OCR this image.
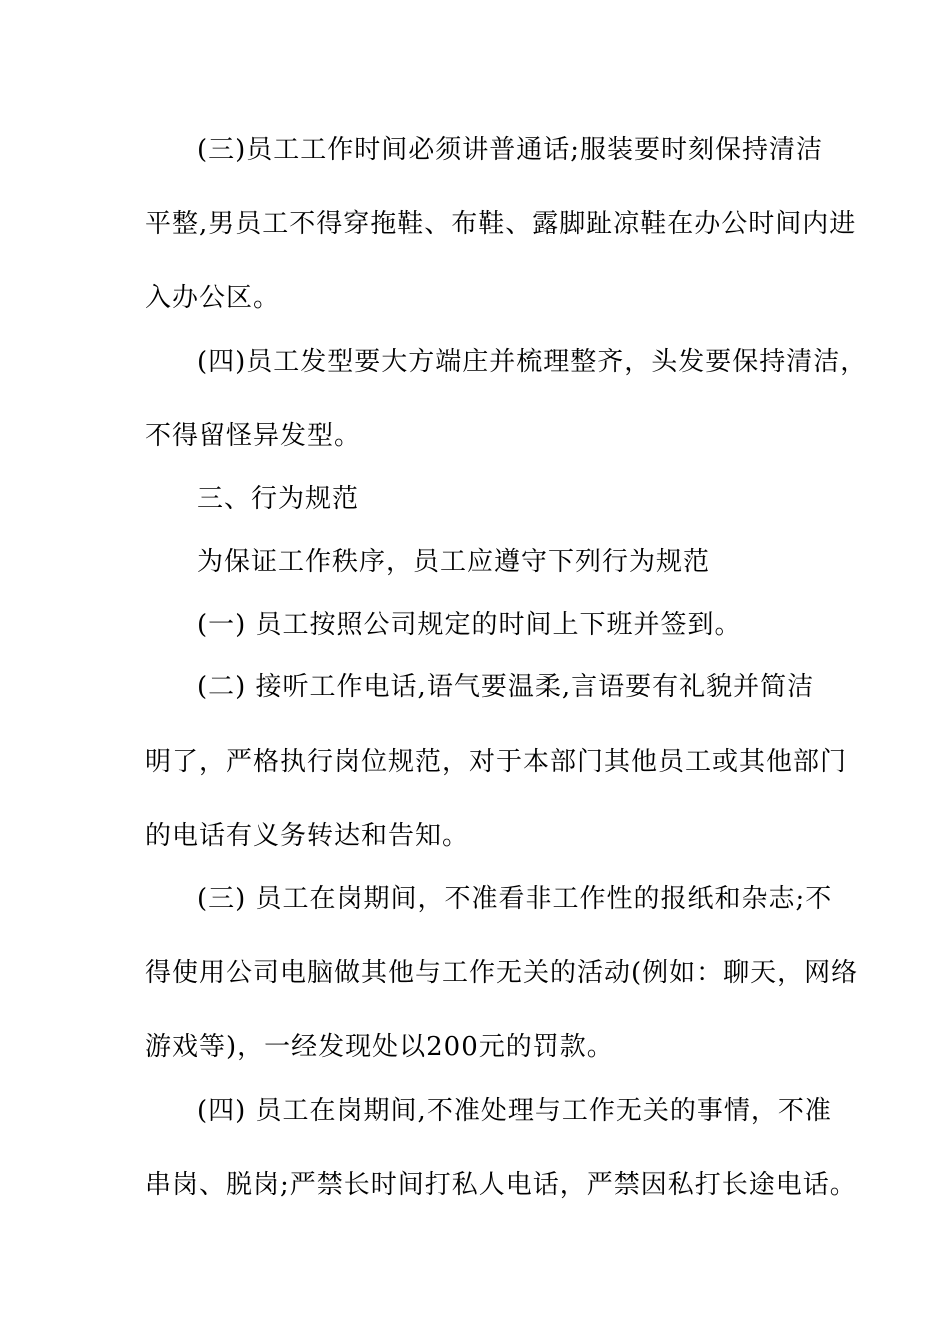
(三)员工工作时间必须讲普通话;服装要时刻保持清洁
平整,男员工不得穿拖鞋、布鞋、露脚趾凉鞋在办公时间内进
入办公区。
(四)员工发型要大方端庄并梳理整齐，头发要保持清洁，
不得留怪异发型。
三、行为规范
为保证工作秩序，员工应遵守下列行为规范
(一) 员工按照公司规定的时间上下班并签到。
(二) 接听工作电话,语气要温柔,言语要有礼貌并简洁
明了，严格执行岗位规范，对于本部门其他员工或其他部门
的电话有义务转达和告知。
(三) 员工在岗期间，不准看非工作性的报纸和杂志;不
得使用公司电脑做其他与工作无关的活动(例如：聊天，网络
游戏等)，一经发现处以200元的罚款。
(四) 员工在岗期间,不准处理与工作无关的事情，不准
串岗、脱岗;严禁长时间打私人电话，严禁因私打长途电话。
